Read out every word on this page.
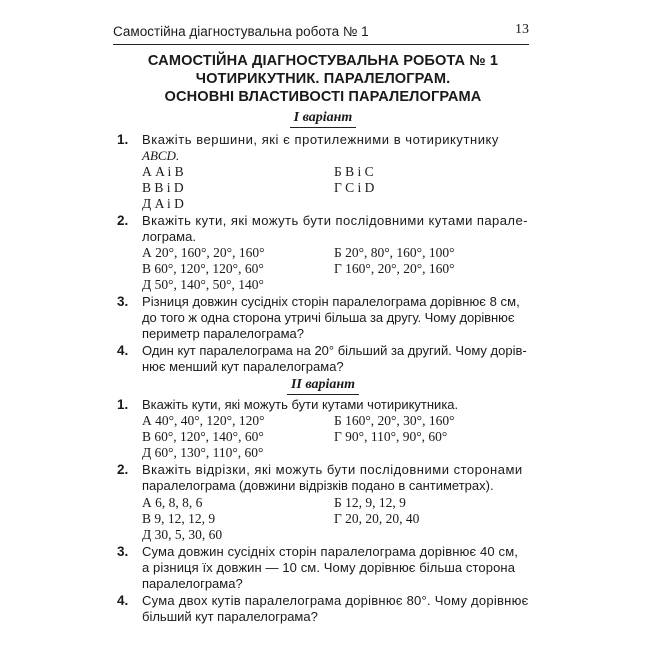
Самостійна діагностувальна робота № 1	13
САМОСТІЙНА ДІАГНОСТУВАЛЬНА РОБОТА № 1
ЧОТИРИКУТНИК. ПАРАЛЕЛОГРАМ.
ОСНОВНІ ВЛАСТИВОСТІ ПАРАЛЕЛОГРАМА
I варіант
1. Вкажіть вершини, які є протилежними в чотирикутнику
ABCD.
А A і B	Б B і C
В B і D	Г C і D
Д A і D
2. Вкажіть кути, які можуть бути послідовними кутами парале-
лограма.
А 20°, 160°, 20°, 160°	Б 20°, 80°, 160°, 100°
В 60°, 120°, 120°, 60°	Г 160°, 20°, 20°, 160°
Д 50°, 140°, 50°, 140°
3. Різниця довжин сусідніх сторін паралелограма дорівнює 8 см,
до того ж одна сторона утричі більша за другу. Чому дорівнює
периметр паралелограма?
4. Один кут паралелограма на 20° більший за другий. Чому дорів-
нює менший кут паралелограма?
II варіант
1. Вкажіть кути, які можуть бути кутами чотирикутника.
А 40°, 40°, 120°, 120°	Б 160°, 20°, 30°, 160°
В 60°, 120°, 140°, 60°	Г 90°, 110°, 90°, 60°
Д 60°, 130°, 110°, 60°
2. Вкажіть відрізки, які можуть бути послідовними сторонами
паралелограма (довжини відрізків подано в сантиметрах).
А 6, 8, 8, 6	Б 12, 9, 12, 9
В 9, 12, 12, 9	Г 20, 20, 20, 40
Д 30, 5, 30, 60
3. Сума довжин сусідніх сторін паралелограма дорівнює 40 см,
а різниця їх довжин — 10 см. Чому дорівнює більша сторона
паралелограма?
4. Сума двох кутів паралелограма дорівнює 80°. Чому дорівнює
більший кут паралелограма?
